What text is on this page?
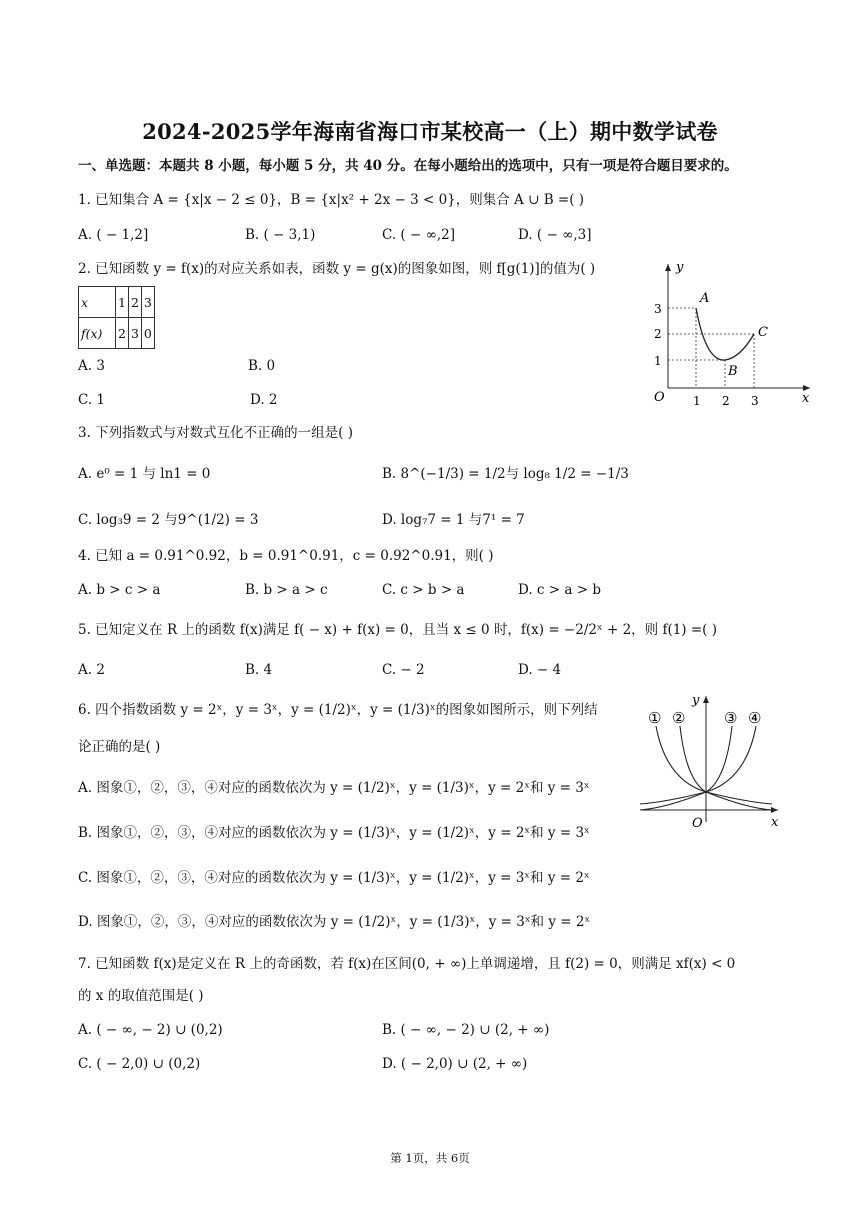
2024-2025学年海南省海口市某校高一（上）期中数学试卷
一、单选题：本题共 8 小题，每小题 5 分，共 40 分。在每小题给出的选项中，只有一项是符合题目要求的。
1. 已知集合 A = {x|x − 2 ≤ 0}，B = {x|x² + 2x − 3 < 0}，则集合 A ∪ B =( )
A. ( − 1,2]	B. ( − 3,1)	C. ( − ∞,2]	D. ( − ∞,3]
2. 已知函数 y = f(x)的对应关系如表，函数 y = g(x)的图象如图，则 f[g(1)]的值为( )
x	1	2	3
f(x)	2	3	0
A. 3	B. 0
C. 1	D. 2
y
x
O 1 2 3
1
2
3
A
B
C
3. 下列指数式与对数式互化不正确的一组是( )
A. e⁰ = 1 与 ln1 = 0	B. 8^(−1/3) = 1/2与 log₈ 1/2 = −1/3
C. log₃9 = 2 与9^(1/2) = 3	D. log₇7 = 1 与7¹ = 7
4. 已知 a = 0.91^0.92，b = 0.91^0.91，c = 0.92^0.91，则( )
A. b > c > a	B. b > a > c	C. c > b > a	D. c > a > b
5. 已知定义在 R 上的函数 f(x)满足 f( − x) + f(x) = 0，且当 x ≤ 0 时，f(x) = −2/2ˣ + 2，则 f(1) =( )
A. 2	B. 4	C. − 2	D. − 4
6. 四个指数函数 y = 2ˣ，y = 3ˣ，y = (1/2)ˣ，y = (1/3)ˣ的图象如图所示，则下列结
论正确的是( )
A. 图象①，②，③，④对应的函数依次为 y = (1/2)ˣ，y = (1/3)ˣ，y = 2ˣ和 y = 3ˣ
B. 图象①，②，③，④对应的函数依次为 y = (1/3)ˣ，y = (1/2)ˣ，y = 2ˣ和 y = 3ˣ
C. 图象①，②，③，④对应的函数依次为 y = (1/3)ˣ，y = (1/2)ˣ，y = 3ˣ和 y = 2ˣ
D. 图象①，②，③，④对应的函数依次为 y = (1/2)ˣ，y = (1/3)ˣ，y = 3ˣ和 y = 2ˣ
y
x
O
① ②	③ ④
7. 已知函数 f(x)是定义在 R 上的奇函数，若 f(x)在区间(0, + ∞)上单调递增，且 f(2) = 0，则满足 xf(x) < 0
的 x 的取值范围是( )
A. ( − ∞, − 2) ∪ (0,2)	B. ( − ∞, − 2) ∪ (2, + ∞)
C. ( − 2,0) ∪ (0,2)	D. ( − 2,0) ∪ (2, + ∞)
第 1页，共 6页
